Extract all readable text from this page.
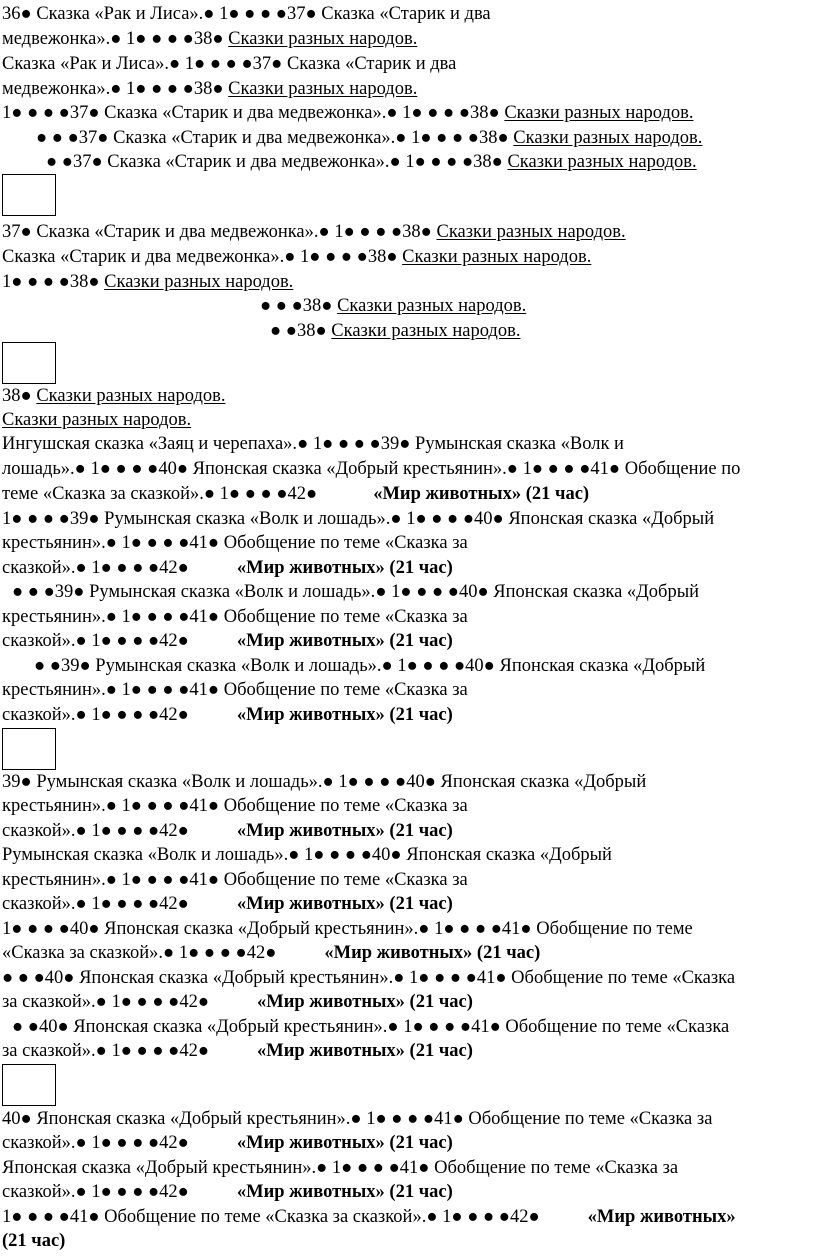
36● Сказка «Рак и Лиса».● 1● ● ● ●37● Сказка «Старик и два
медвежонка».● 1● ● ● ●38● Сказки разных народов.
Сказка «Рак и Лиса».● 1● ● ● ●37● Сказка «Старик и два
медвежонка».● 1● ● ● ●38● Сказки разных народов.
1● ● ● ●37● Сказка «Старик и два медвежонка».● 1● ● ● ●38● Сказки разных народов.
● ● ●37● Сказка «Старик и два медвежонка».● 1● ● ● ●38● Сказки разных народов.
● ●37● Сказка «Старик и два медвежонка».● 1● ● ● ●38● Сказки разных народов.
37● Сказка «Старик и два медвежонка».● 1● ● ● ●38● Сказки разных народов.
Сказка «Старик и два медвежонка».● 1● ● ● ●38● Сказки разных народов.
1● ● ● ●38● Сказки разных народов.
● ● ●38● Сказки разных народов.
● ●38● Сказки разных народов.
38● Сказки разных народов.
Сказки разных народов.
Ингушская сказка «Заяц и черепаха».● 1● ● ● ●39● Румынская сказка «Волк и
лошадь».● 1● ● ● ●40● Японская сказка «Добрый крестьянин».● 1● ● ● ●41● Обобщение по
теме «Сказка за сказкой».● 1● ● ● ●42●	«Мир животных» (21 час)
1● ● ● ●39● Румынская сказка «Волк и лошадь».● 1● ● ● ●40● Японская сказка «Добрый
крестьянин».● 1● ● ● ●41● Обобщение по теме «Сказка за
сказкой».● 1● ● ● ●42●	«Мир животных» (21 час)
● ● ●39● Румынская сказка «Волк и лошадь».● 1● ● ● ●40● Японская сказка «Добрый
крестьянин».● 1● ● ● ●41● Обобщение по теме «Сказка за
сказкой».● 1● ● ● ●42●	«Мир животных» (21 час)
● ●39● Румынская сказка «Волк и лошадь».● 1● ● ● ●40● Японская сказка «Добрый
крестьянин».● 1● ● ● ●41● Обобщение по теме «Сказка за
сказкой».● 1● ● ● ●42●	«Мир животных» (21 час)
39● Румынская сказка «Волк и лошадь».● 1● ● ● ●40● Японская сказка «Добрый
крестьянин».● 1● ● ● ●41● Обобщение по теме «Сказка за
сказкой».● 1● ● ● ●42●	«Мир животных» (21 час)
Румынская сказка «Волк и лошадь».● 1● ● ● ●40● Японская сказка «Добрый
крестьянин».● 1● ● ● ●41● Обобщение по теме «Сказка за
сказкой».● 1● ● ● ●42●	«Мир животных» (21 час)
1● ● ● ●40● Японская сказка «Добрый крестьянин».● 1● ● ● ●41● Обобщение по теме
«Сказка за сказкой».● 1● ● ● ●42●	«Мир животных» (21 час)
● ● ●40● Японская сказка «Добрый крестьянин».● 1● ● ● ●41● Обобщение по теме «Сказка
за сказкой».● 1● ● ● ●42●	«Мир животных» (21 час)
● ●40● Японская сказка «Добрый крестьянин».● 1● ● ● ●41● Обобщение по теме «Сказка
за сказкой».● 1● ● ● ●42●	«Мир животных» (21 час)
40● Японская сказка «Добрый крестьянин».● 1● ● ● ●41● Обобщение по теме «Сказка за
сказкой».● 1● ● ● ●42●	«Мир животных» (21 час)
Японская сказка «Добрый крестьянин».● 1● ● ● ●41● Обобщение по теме «Сказка за
сказкой».● 1● ● ● ●42●	«Мир животных» (21 час)
1● ● ● ●41● Обобщение по теме «Сказка за сказкой».● 1● ● ● ●42●	«Мир животных»
(21 час)
